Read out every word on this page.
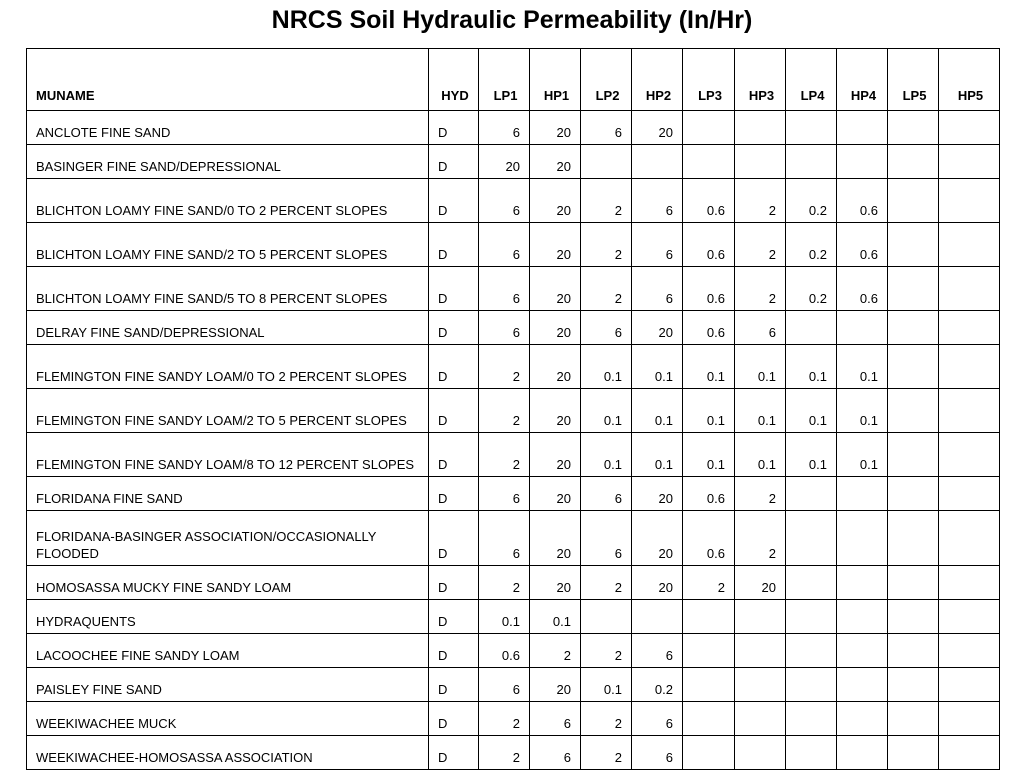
NRCS Soil Hydraulic Permeability (In/Hr)
MUNAME	HYD	LP1	HP1	LP2	HP2	LP3	HP3	LP4	HP4	LP5	HP5
ANCLOTE FINE SAND	D	6	20	6	20						
BASINGER FINE SAND/DEPRESSIONAL	D	20	20								
BLICHTON LOAMY FINE SAND/0 TO 2 PERCENT SLOPES	D	6	20	2	6	0.6	2	0.2	0.6		
BLICHTON LOAMY FINE SAND/2 TO 5 PERCENT SLOPES	D	6	20	2	6	0.6	2	0.2	0.6		
BLICHTON LOAMY FINE SAND/5 TO 8 PERCENT SLOPES	D	6	20	2	6	0.6	2	0.2	0.6		
DELRAY FINE SAND/DEPRESSIONAL	D	6	20	6	20	0.6	6				
FLEMINGTON FINE SANDY LOAM/0 TO 2 PERCENT SLOPES	D	2	20	0.1	0.1	0.1	0.1	0.1	0.1		
FLEMINGTON FINE SANDY LOAM/2 TO 5 PERCENT SLOPES	D	2	20	0.1	0.1	0.1	0.1	0.1	0.1		
FLEMINGTON FINE SANDY LOAM/8 TO 12 PERCENT SLOPES	D	2	20	0.1	0.1	0.1	0.1	0.1	0.1		
FLORIDANA FINE SAND	D	6	20	6	20	0.6	2				
FLORIDANA-BASINGER ASSOCIATION/OCCASIONALLY FLOODED	D	6	20	6	20	0.6	2				
HOMOSASSA MUCKY FINE SANDY LOAM	D	2	20	2	20	2	20				
HYDRAQUENTS	D	0.1	0.1								
LACOOCHEE FINE SANDY LOAM	D	0.6	2	2	6						
PAISLEY FINE SAND	D	6	20	0.1	0.2						
WEEKIWACHEE MUCK	D	2	6	2	6						
WEEKIWACHEE-HOMOSASSA ASSOCIATION	D	2	6	2	6						
